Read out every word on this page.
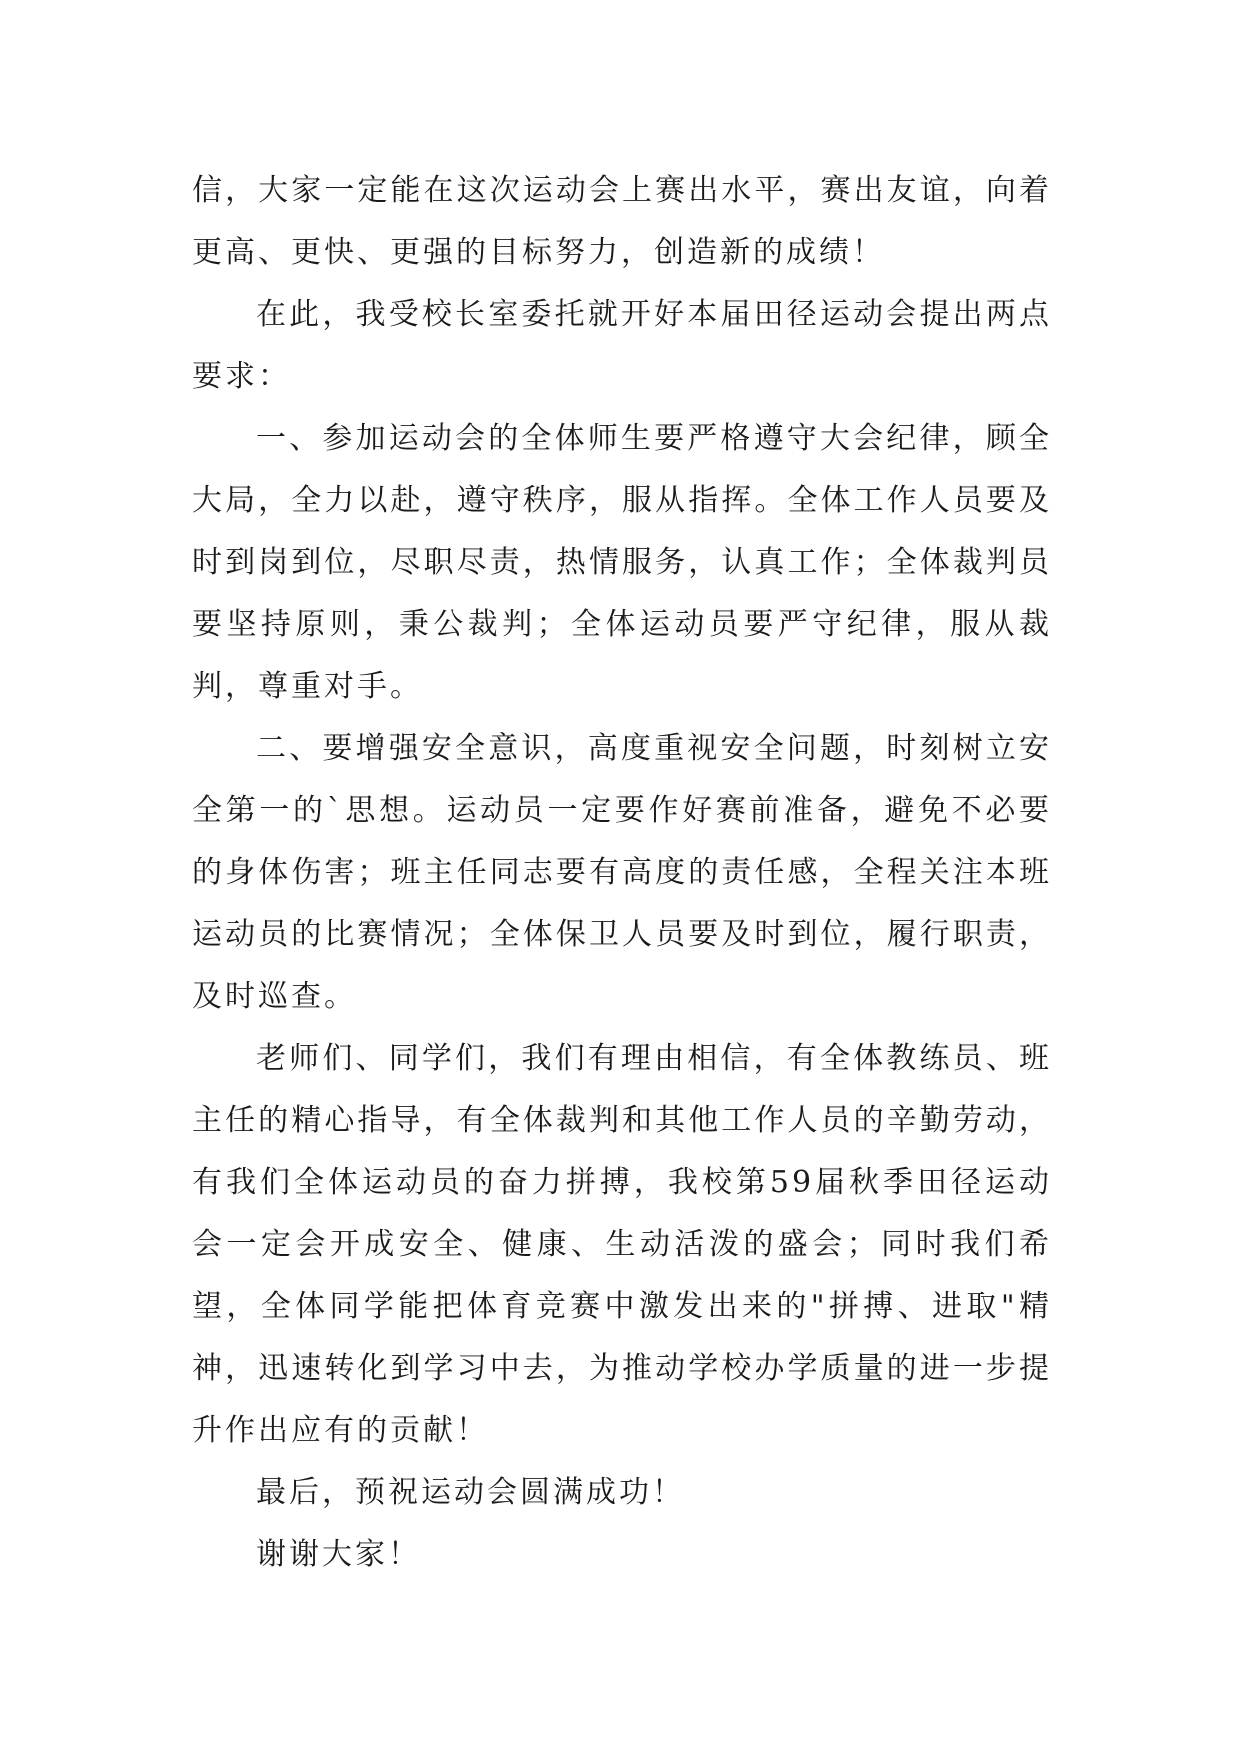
信，大家一定能在这次运动会上赛出水平，赛出友谊，向着更高、更快、更强的目标努力，创造新的成绩！

在此，我受校长室委托就开好本届田径运动会提出两点要求：

一、参加运动会的全体师生要严格遵守大会纪律，顾全大局，全力以赴，遵守秩序，服从指挥。全体工作人员要及时到岗到位，尽职尽责，热情服务，认真工作；全体裁判员要坚持原则，秉公裁判；全体运动员要严守纪律，服从裁判，尊重对手。

二、要增强安全意识，高度重视安全问题，时刻树立安全第一的`思想。运动员一定要作好赛前准备，避免不必要的身体伤害；班主任同志要有高度的责任感，全程关注本班运动员的比赛情况；全体保卫人员要及时到位，履行职责，及时巡查。

老师们、同学们，我们有理由相信，有全体教练员、班主任的精心指导，有全体裁判和其他工作人员的辛勤劳动，有我们全体运动员的奋力拼搏，我校第59届秋季田径运动会一定会开成安全、健康、生动活泼的盛会；同时我们希望，全体同学能把体育竞赛中激发出来的"拼搏、进取"精神，迅速转化到学习中去，为推动学校办学质量的进一步提升作出应有的贡献！

最后，预祝运动会圆满成功！

谢谢大家！
